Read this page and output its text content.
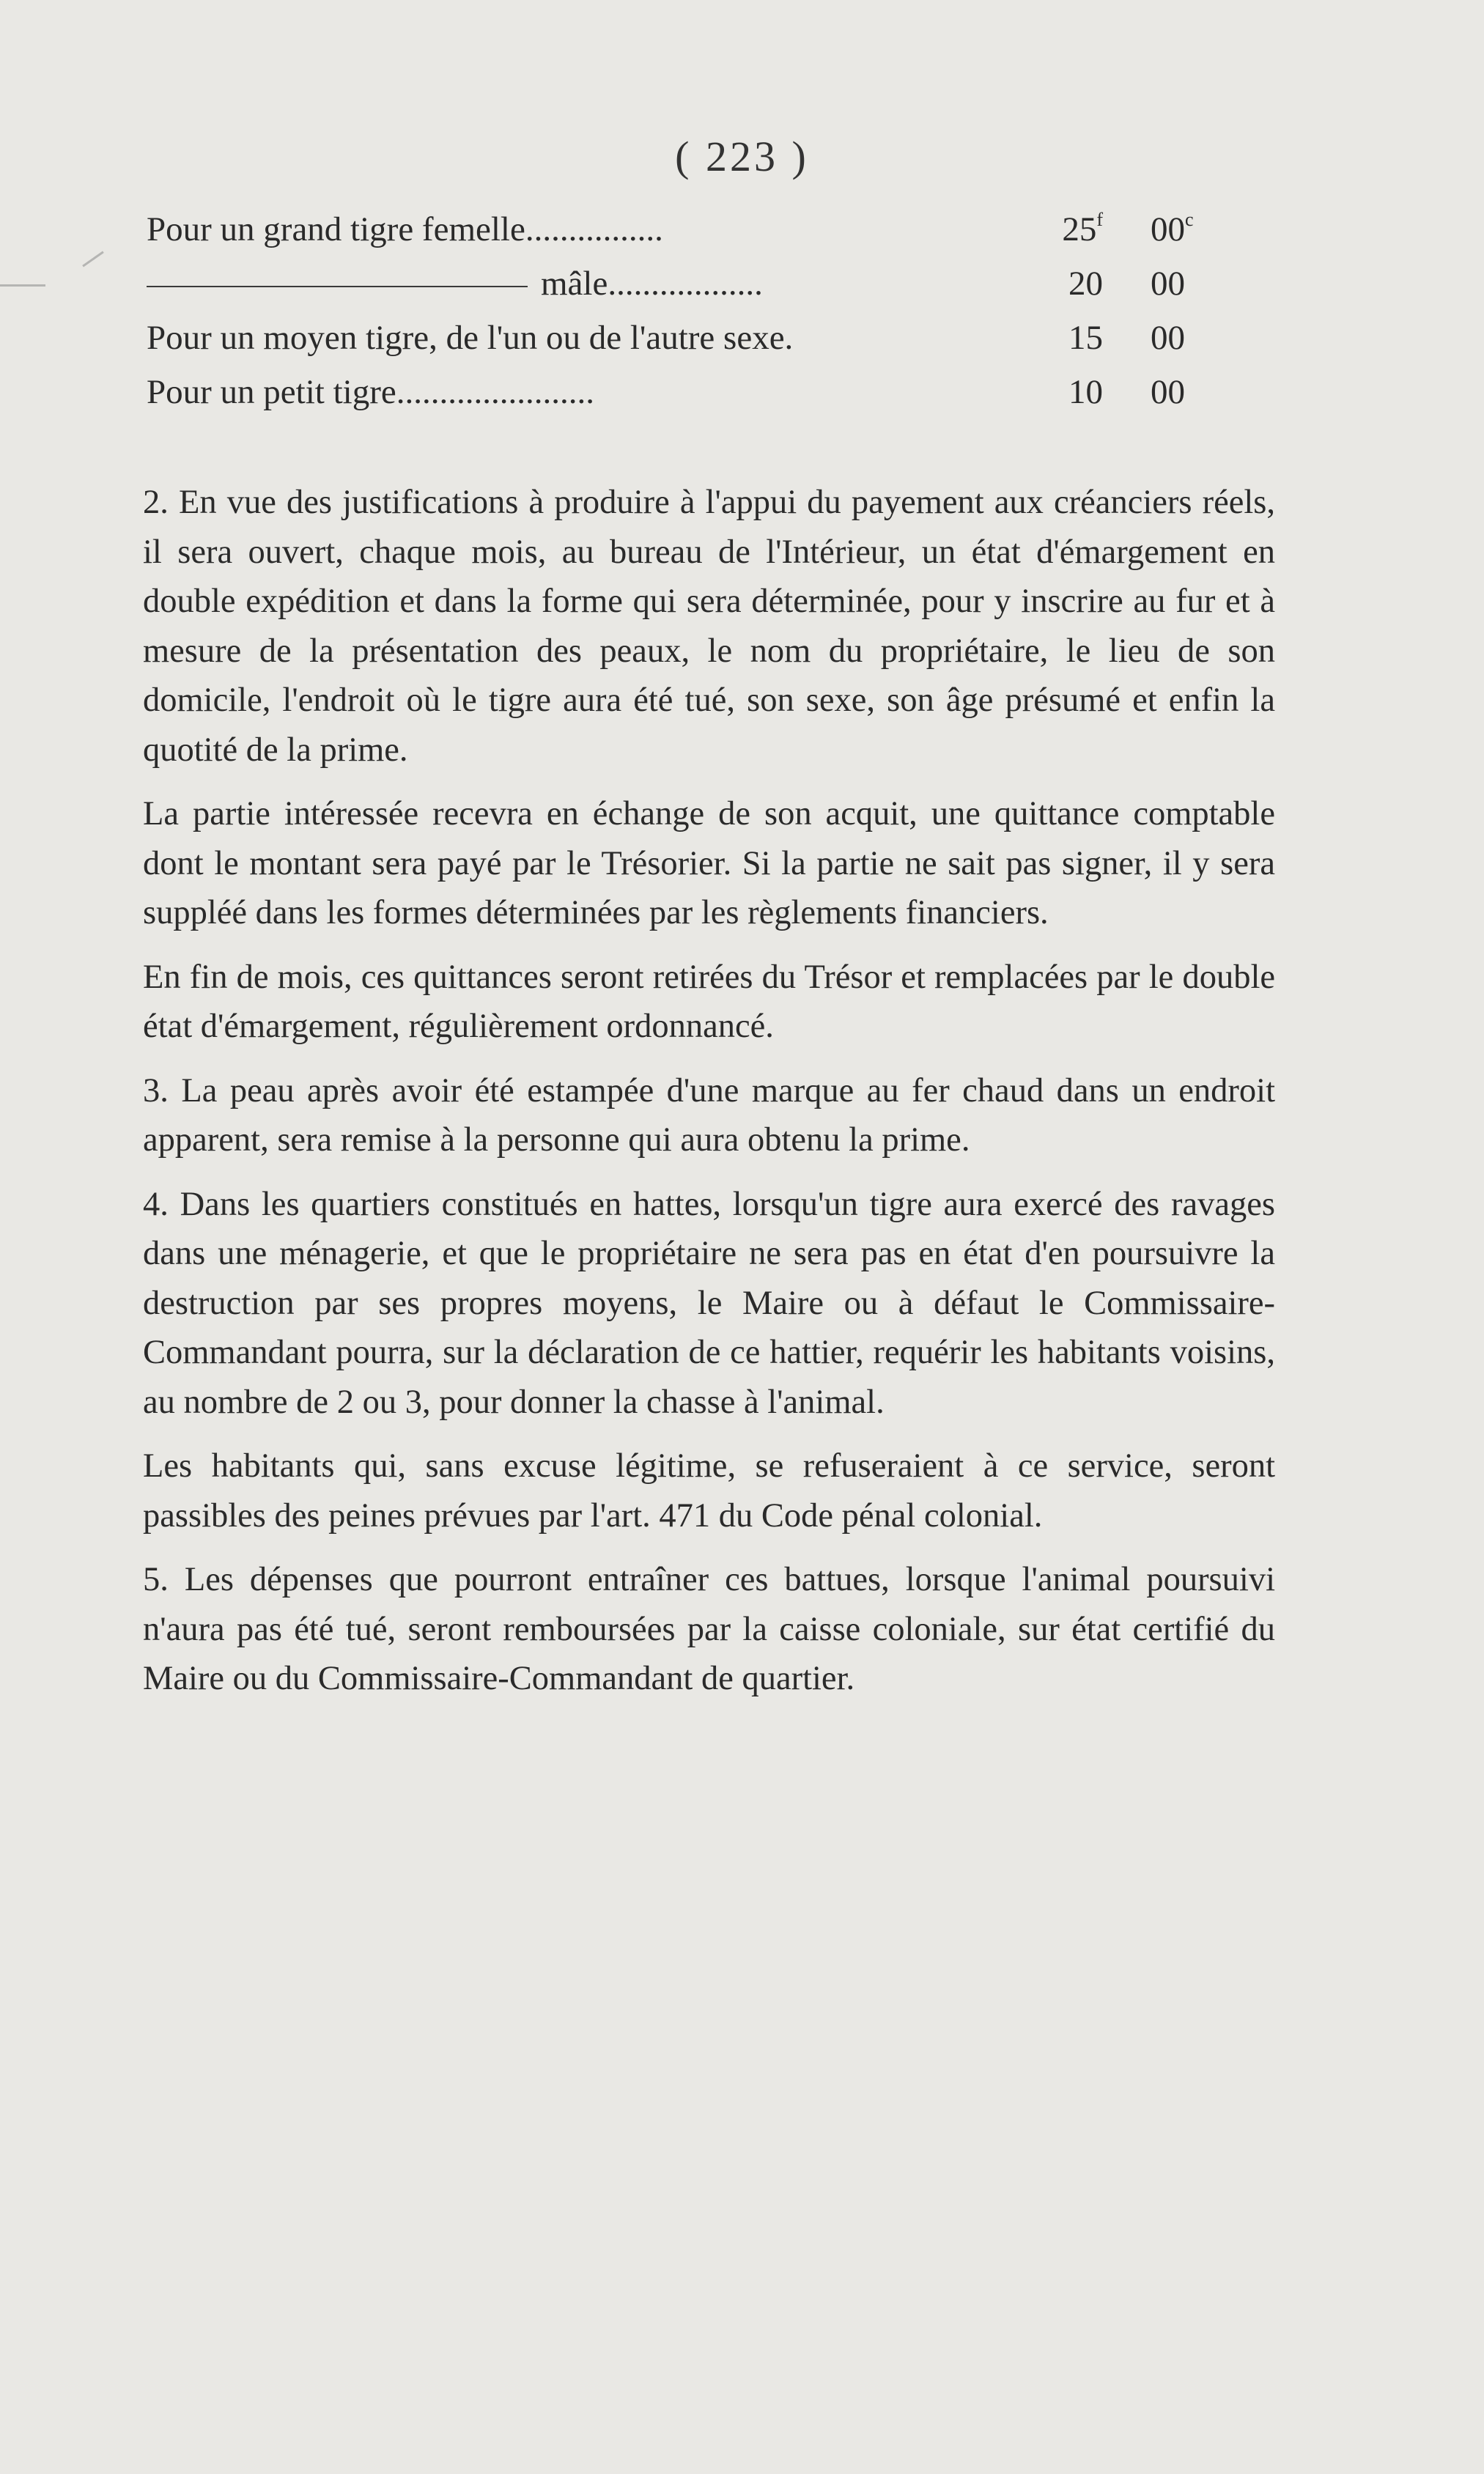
( 223 )
Pour un grand tigre femelle................	25$^f$ 00$^c$
mâle..................	20 00
Pour un moyen tigre, de l'un ou de l'autre sexe.	15 00
Pour un petit tigre.......................	10 00

2. En vue des justifications à produire à l'appui du payement aux créanciers réels, il sera ouvert, chaque mois, au bureau de l'Intérieur, un état d'émargement en double expédition et dans la forme qui sera déterminée, pour y inscrire au fur et à mesure de la présentation des peaux, le nom du propriétaire, le lieu de son domicile, l'endroit où le tigre aura été tué, son sexe, son âge présumé et enfin la quotité de la prime.

La partie intéressée recevra en échange de son acquit, une quittance comptable dont le montant sera payé par le Trésorier. Si la partie ne sait pas signer, il y sera suppléé dans les formes déterminées par les règlements financiers.

En fin de mois, ces quittances seront retirées du Trésor et remplacées par le double état d'émargement, régulièrement ordonnancé.

3. La peau après avoir été estampée d'une marque au fer chaud dans un endroit apparent, sera remise à la personne qui aura obtenu la prime.

4. Dans les quartiers constitués en hattes, lorsqu'un tigre aura exercé des ravages dans une ménagerie, et que le propriétaire ne sera pas en état d'en poursuivre la destruction par ses propres moyens, le Maire ou à défaut le Commissaire-Commandant pourra, sur la déclaration de ce hattier, requérir les habitants voisins, au nombre de 2 ou 3, pour donner la chasse à l'animal.

Les habitants qui, sans excuse légitime, se refuseraient à ce service, seront passibles des peines prévues par l'art. 471 du Code pénal colonial.

5. Les dépenses que pourront entraîner ces battues, lorsque l'animal poursuivi n'aura pas été tué, seront remboursées par la caisse coloniale, sur état certifié du Maire ou du Commissaire-Commandant de quartier.
